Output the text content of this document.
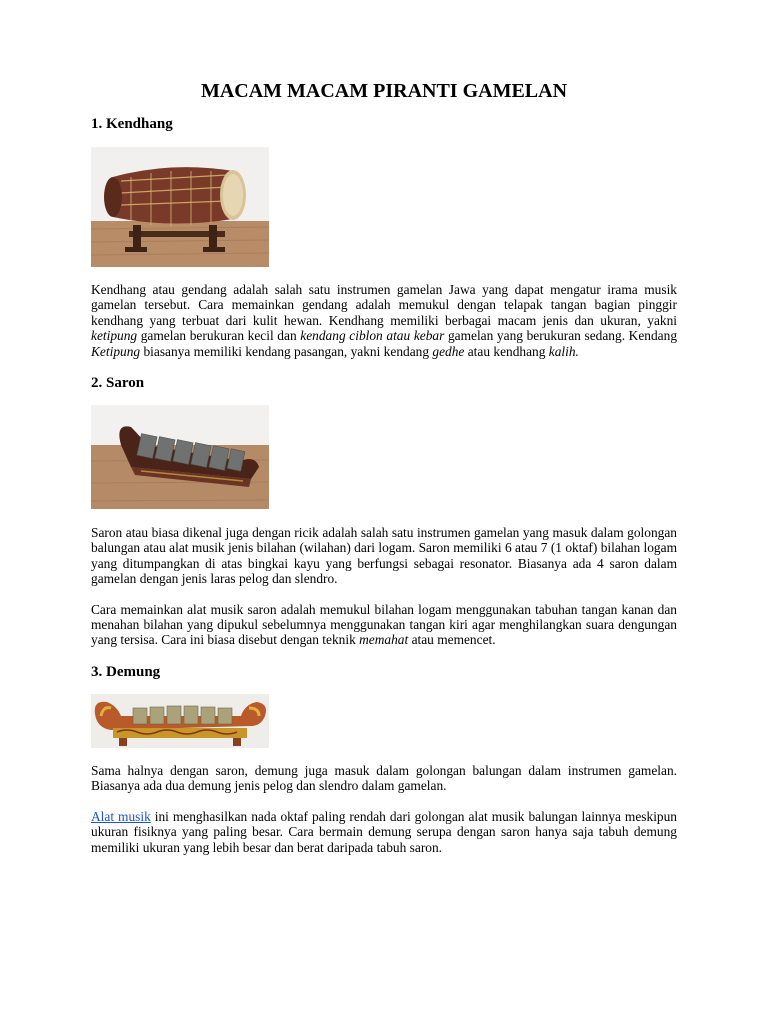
MACAM MACAM PIRANTI GAMELAN
1. Kendhang

Kendhang atau gendang adalah salah satu instrumen gamelan Jawa yang dapat mengatur irama musik gamelan tersebut. Cara memainkan gendang adalah memukul dengan telapak tangan bagian pinggir kendhang yang terbuat dari kulit hewan. Kendhang memiliki berbagai macam jenis dan ukuran, yakni ketipung gamelan berukuran kecil dan kendang ciblon atau kebar gamelan yang berukuran sedang. Kendang Ketipung biasanya memiliki kendang pasangan, yakni kendang gedhe atau kendhang kalih.

2. Saron

Saron atau biasa dikenal juga dengan ricik adalah salah satu instrumen gamelan yang masuk dalam golongan balungan atau alat musik jenis bilahan (wilahan) dari logam. Saron memiliki 6 atau 7 (1 oktaf) bilahan logam yang ditumpangkan di atas bingkai kayu yang berfungsi sebagai resonator. Biasanya ada 4 saron dalam gamelan dengan jenis laras pelog dan slendro.

Cara memainkan alat musik saron adalah memukul bilahan logam menggunakan tabuhan tangan kanan dan menahan bilahan yang dipukul sebelumnya menggunakan tangan kiri agar menghilangkan suara dengungan yang tersisa. Cara ini biasa disebut dengan teknik memahat atau memencet.

3. Demung

Sama halnya dengan saron, demung juga masuk dalam golongan balungan dalam instrumen gamelan. Biasanya ada dua demung jenis pelog dan slendro dalam gamelan.

Alat musik ini menghasilkan nada oktaf paling rendah dari golongan alat musik balungan lainnya meskipun ukuran fisiknya yang paling besar. Cara bermain demung serupa dengan saron hanya saja tabuh demung memiliki ukuran yang lebih besar dan berat daripada tabuh saron.
